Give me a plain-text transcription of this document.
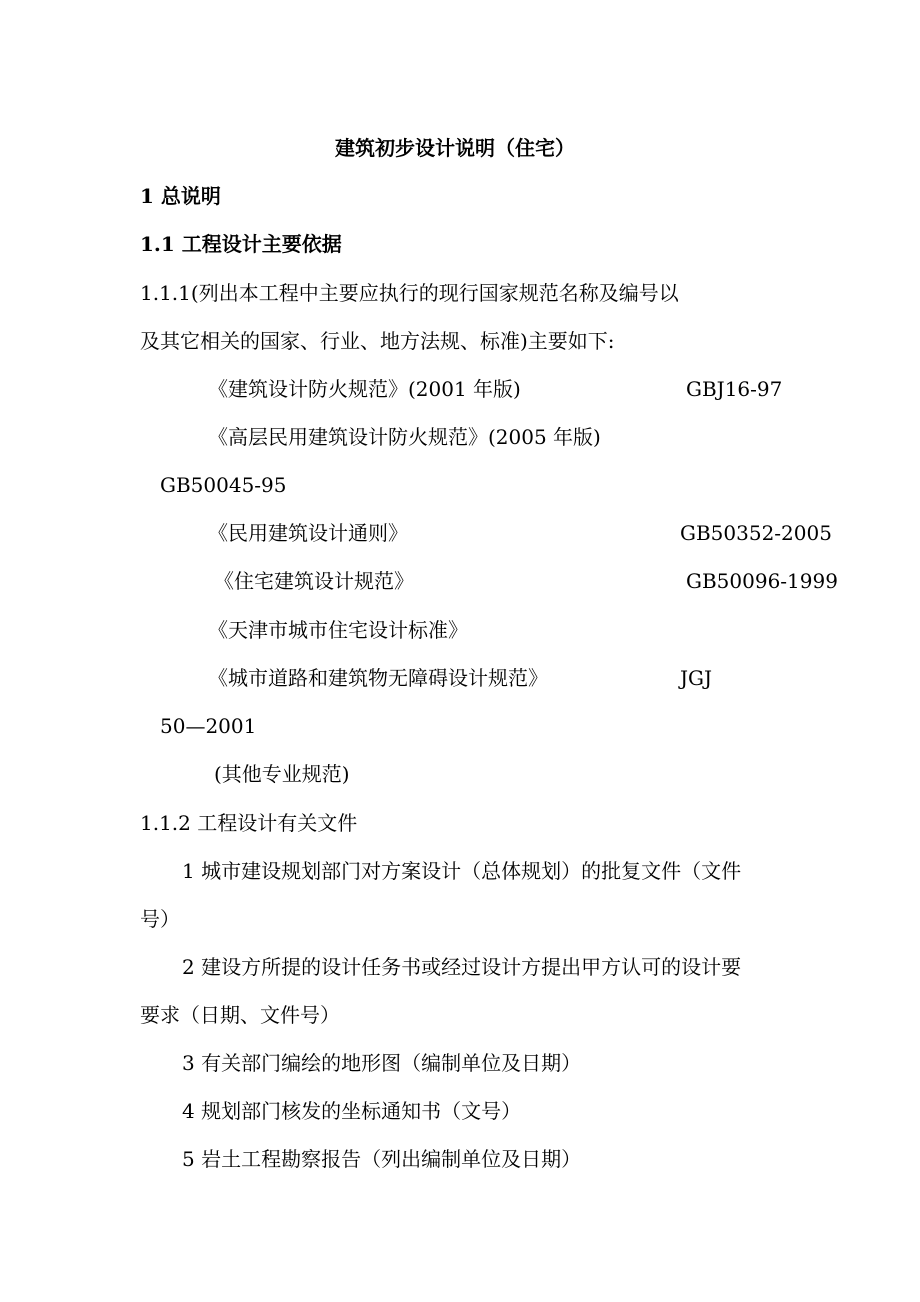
建筑初步设计说明（住宅）
1 总说明
1.1 工程设计主要依据
1.1.1(列出本工程中主要应执行的现行国家规范名称及编号以
及其它相关的国家、行业、地方法规、标准)主要如下:
《建筑设计防火规范》(2001 年版)	GBJ16-97
《高层民用建筑设计防火规范》(2005 年版)
GB50045-95
《民用建筑设计通则》	GB50352-2005
《住宅建筑设计规范》	GB50096-1999
《天津市城市住宅设计标准》
《城市道路和建筑物无障碍设计规范》	JGJ
50—2001
(其他专业规范)
1.1.2 工程设计有关文件
1 城市建设规划部门对方案设计（总体规划）的批复文件（文件
号）
2 建设方所提的设计任务书或经过设计方提出甲方认可的设计要
要求（日期、文件号）
3 有关部门编绘的地形图（编制单位及日期）
4 规划部门核发的坐标通知书（文号）
5 岩土工程勘察报告（列出编制单位及日期）
